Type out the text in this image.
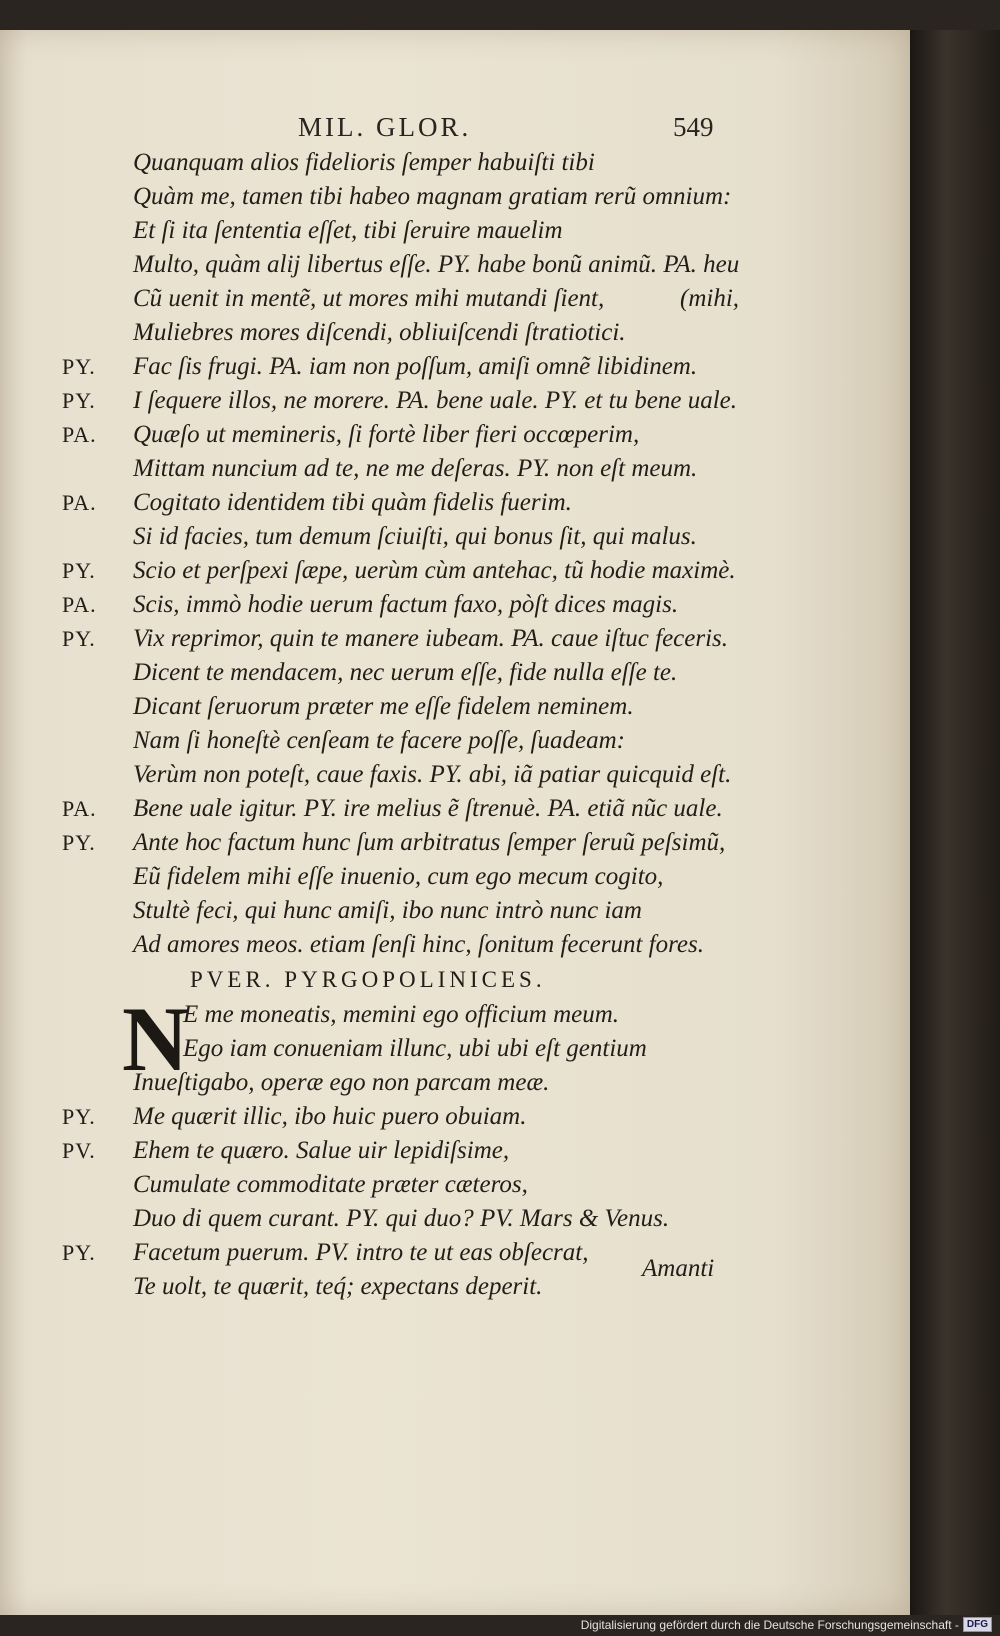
MIL. GLOR.	549
Quanquam alios fidelioris ſemper habuiſti tibi
Quàm me, tamen tibi habeo magnam gratiam rerũ omnium:
Et ſi ita ſententia eſſet, tibi ſeruire mauelim
Multo, quàm alij libertus eſſe. PY. habe bonũ animũ. PA. heu
Cũ uenit in mentẽ, ut mores mihi mutandi ſient,	(mihi,
Muliebres mores diſcendi, obliuiſcendi ſtratiotici.
PY. Fac ſis frugi. PA. iam non poſſum, amiſi omnẽ libidinem.
PY. I ſequere illos, ne morere. PA. bene uale. PY. et tu bene uale.
PA. Quæſo ut memineris, ſi fortè liber fieri occœperim,
Mittam nuncium ad te, ne me deſeras. PY. non eſt meum.
PA. Cogitato identidem tibi quàm fidelis fuerim.
Si id facies, tum demum ſciuiſti, qui bonus ſit, qui malus.
PY. Scio et perſpexi ſæpe, uerùm cùm antehac, tũ hodie maximè.
PA. Scis, immò hodie uerum factum faxo, pòſt dices magis.
PY. Vix reprimor, quin te manere iubeam. PA. caue iſtuc feceris.
Dicent te mendacem, nec uerum eſſe, fide nulla eſſe te.
Dicant ſeruorum præter me eſſe fidelem neminem.
Nam ſi honeſtè cenſeam te facere poſſe, ſuadeam:
Verùm non poteſt, caue faxis. PY. abi, iã patiar quicquid eſt.
PA. Bene uale igitur. PY. ire melius ẽ ſtrenuè. PA. etiã nũc uale.
PY. Ante hoc factum hunc ſum arbitratus ſemper ſeruũ peſsimũ,
Eũ fidelem mihi eſſe inuenio, cum ego mecum cogito,
Stultè feci, qui hunc amiſi, ibo nunc intrò nunc iam
Ad amores meos. etiam ſenſi hinc, ſonitum fecerunt fores.
PVER. PYRGOPOLINICES.
N
E me moneatis, memini ego officium meum.
Ego iam conueniam illunc, ubi ubi eſt gentium
Inueſtigabo, operæ ego non parcam meæ.
PY. Me quærit illic, ibo huic puero obuiam.
PV. Ehem te quæro. Salue uir lepidiſsime,
Cumulate commoditate præter cæteros,
Duo di quem curant. PY. qui duo? PV. Mars & Venus.
PY. Facetum puerum. PV. intro te ut eas obſecrat,
Te uolt, te quærit, teq́; expectans deperit.
Amanti
Digitalisierung gefördert durch die Deutsche Forschungsgemeinschaft - DFG
